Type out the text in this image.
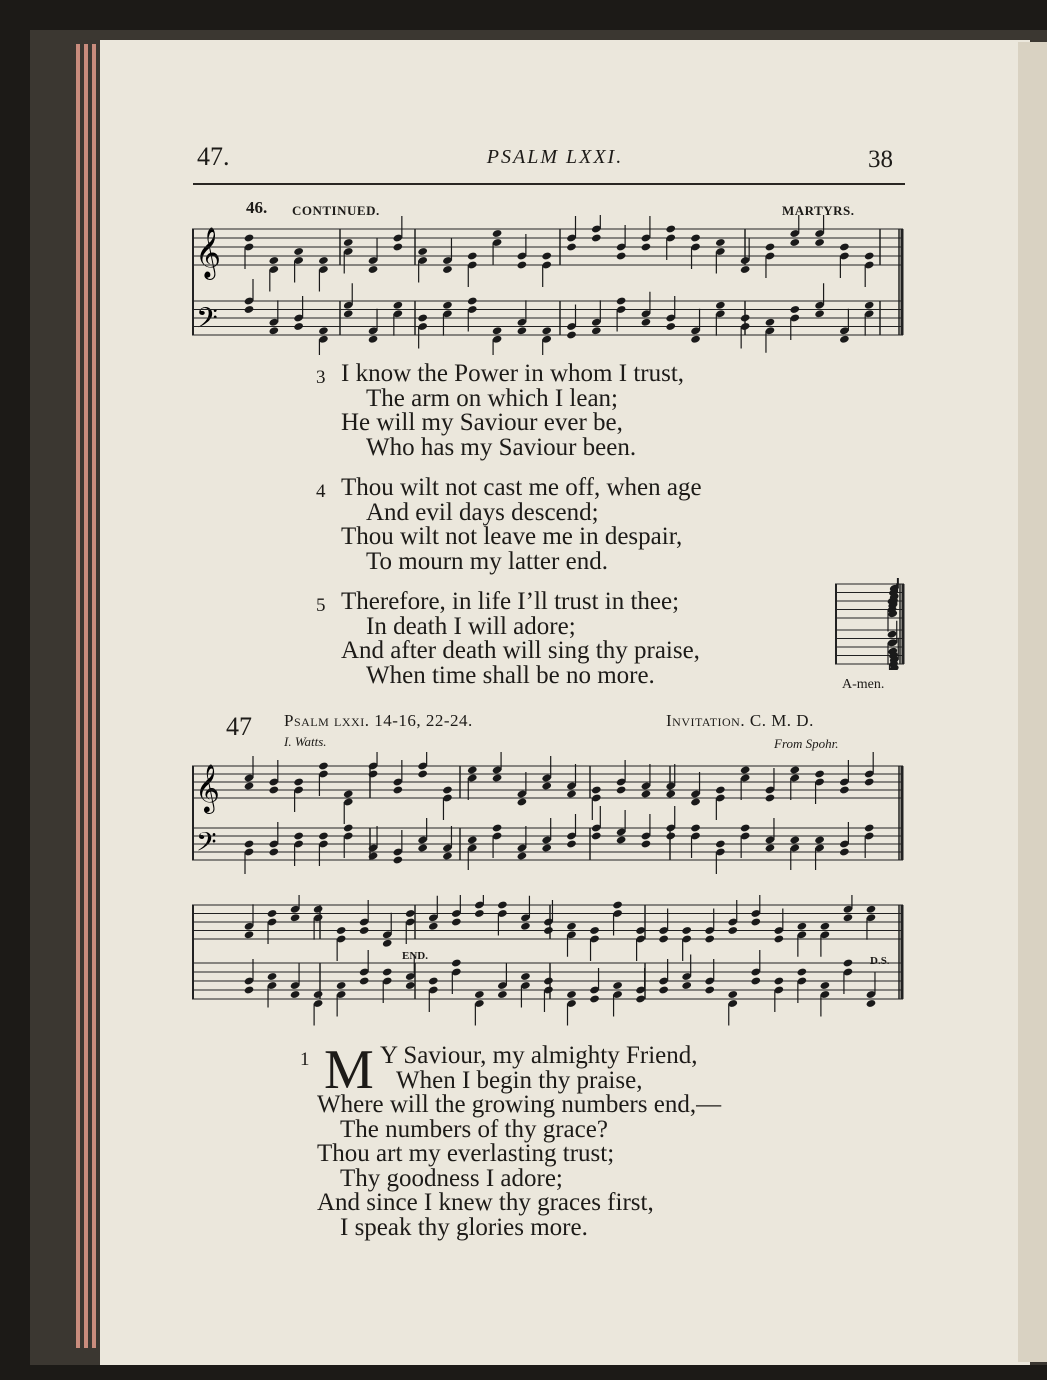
47.	PSALM LXXI.	38
46. CONTINUED.	MARTYRS.
𝄞
𝄢
3 I know the Power in whom I trust,
The arm on which I lean;
He will my Saviour ever be,
Who has my Saviour been.
4 Thou wilt not cast me off, when age
And evil days descend;
Thou wilt not leave me in despair,
To mourn my latter end.
5 Therefore, in life I’ll trust in thee;
In death I will adore;
And after death will sing thy praise,
When time shall be no more.	A-men.
47 Psalm lxxi. 14-16, 22-24.
I. Watts.
Invitation. C. M. D.
From Spohr.
𝄞
𝄢
END.	D.S.
1 M Y Saviour, my almighty Friend,
When I begin thy praise,
Where will the growing numbers end,—
The numbers of thy grace?
Thou art my everlasting trust;
Thy goodness I adore;
And since I knew thy graces first,
I speak thy glories more.
